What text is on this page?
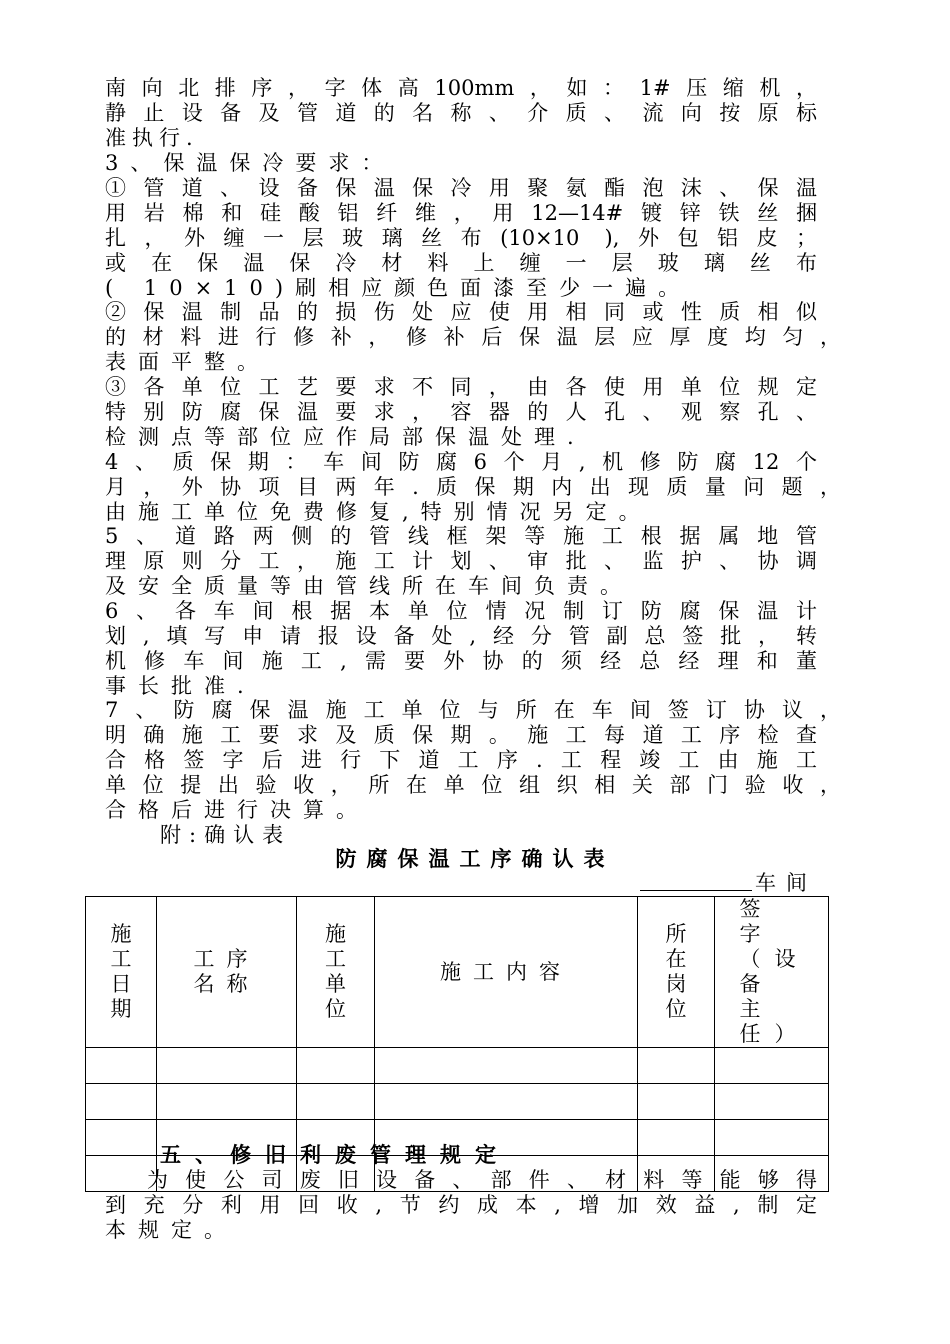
南向北排序，字体高100mm，如：1#压缩机，
静止设备及管道的名称、介质、流向按原标
准执行.
3、保温保冷要求：
①管道、设备保温保冷用聚氨酯泡沫、保温
用岩棉和硅酸铝纤维，用12—14#镀锌铁丝捆
扎，外缠一层玻璃丝布(10×10 ),外包铝皮；
或在保温保冷材料上缠一层玻璃丝布
( 10×10)刷相应颜色面漆至少一遍。
②保温制品的损伤处应使用相同或性质相似
的材料进行修补，修补后保温层应厚度均匀，
表面平整。
③各单位工艺要求不同，由各使用单位规定
特别防腐保温要求，容器的人孔、观察孔、
检测点等部位应作局部保温处理.
4、质保期：车间防腐6个月,机修防腐12个
月，外协项目两年.质保期内出现质量问题，
由施工单位免费修复,特别情况另定。
5、道路两侧的管线框架等施工根据属地管
理原则分工，施工计划、审批、监护、协调
及安全质量等由管线所在车间负责。
6、各车间根据本单位情况制订防腐保温计
划,填写申请报设备处,经分管副总签批，转
机修车间施工,需要外协的须经总经理和董
事长批准.
7、防腐保温施工单位与所在车间签订协议，
明确施工要求及质保期。施工每道工序检查
合格签字后进行下道工序.工程竣工由施工
单位提出验收，所在单位组织相关部门验收，
合格后进行决算。
附:确认表
防腐保温工序确认表
车间
施工日期	工序名称	施工单位	施工内容	所在岗位	签字（设备主任）

五、修旧利废管理规定
为使公司废旧设备、部件、材料等能够得
到充分利用回收,节约成本,增加效益,制定
本规定。
